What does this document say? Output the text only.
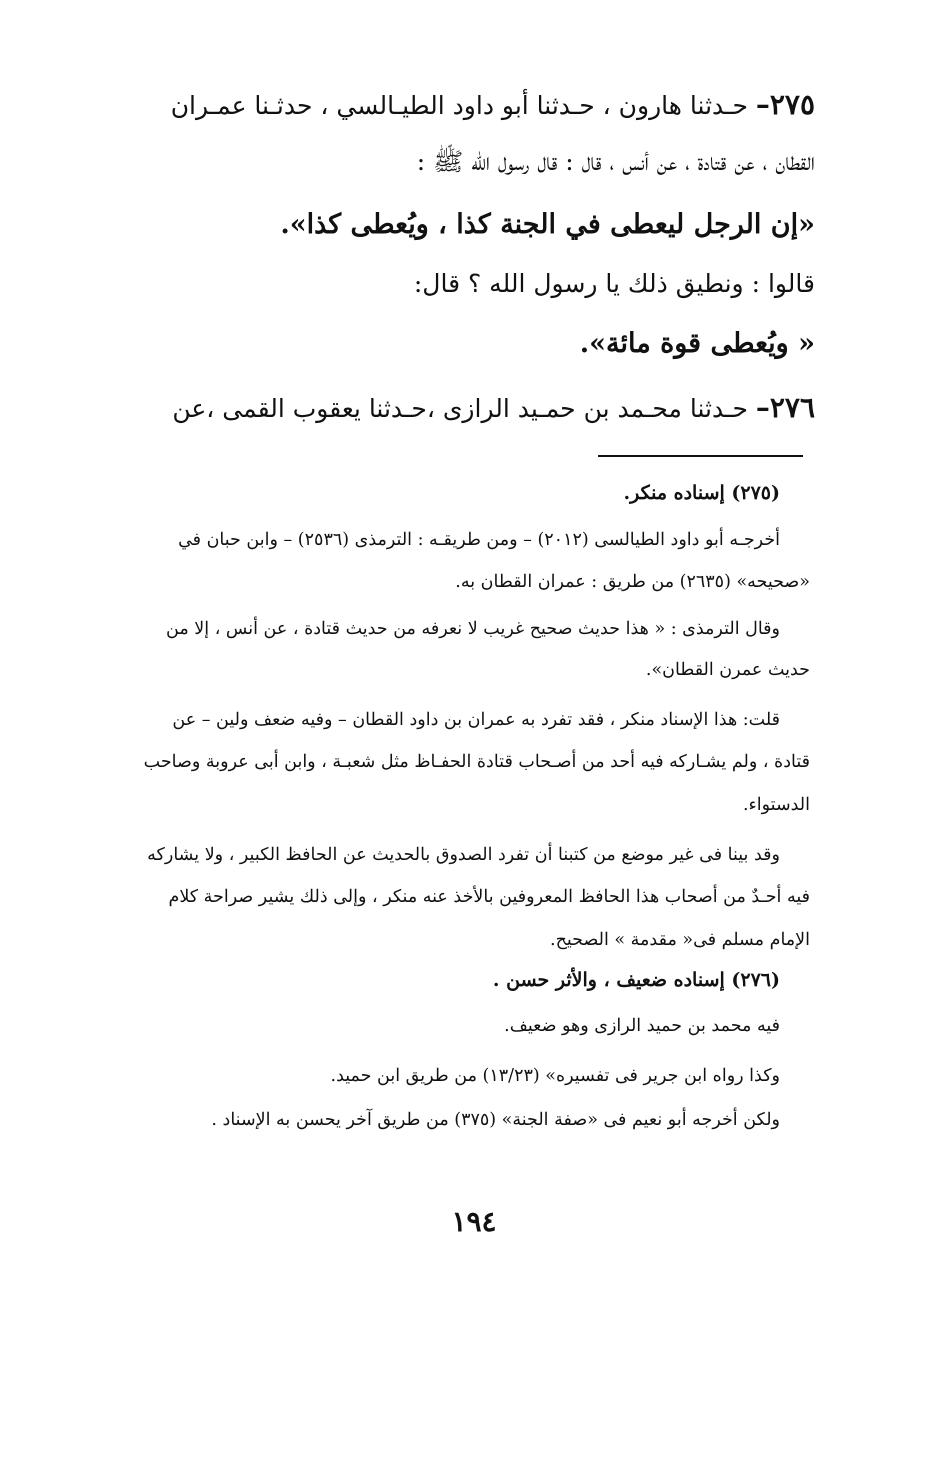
٢٧٥– حـدثنا هارون ، حـدثنا أبو داود الطيـالسي ، حدثـنا عمـران
القطان ، عن قتادة ، عن أنس ، قال : قال رسول الله ﷺ :
«إن الرجل ليعطى في الجنة كذا ، ويُعطى كذا».
قالوا : ونطيق ذلك يا رسول الله ؟ قال:
« ويُعطى قوة مائة».
٢٧٦– حـدثنا محـمد بن حمـيد الرازى ،حـدثنا يعقوب القمى ،عن
(٢٧٥) إسناده منكر.
أخرجـه أبو داود الطيالسى (٢٠١٢) – ومن طريقـه : الترمذى (٢٥٣٦) – وابن حبان في
«صحيحه» (٢٦٣٥) من طريق : عمران القطان به.
وقال الترمذى : « هذا حديث صحيح غريب لا نعرفه من حديث قتادة ، عن أنس ، إلا من
حديث عمرن القطان».
قلت: هذا الإسناد منكر ، فقد تفرد به عمران بن داود القطان – وفيه ضعف ولين – عن
قتادة ، ولم يشـاركه فيه أحد من أصـحاب قتادة الحفـاظ مثل شعبـة ، وابن أبى عروبة وصاحب
الدستواء.
وقد بينا فى غير موضع من كتبنا أن تفرد الصدوق بالحديث عن الحافظ الكبير ، ولا يشاركه
فيه أحـدٌ من أصحاب هذا الحافظ المعروفين بالأخذ عنه منكر ، وإلى ذلك يشير صراحة كلام
الإمام مسلم فى« مقدمة » الصحيح.
(٢٧٦) إسناده ضعيف ، والأثر حسن .
فيه محمد بن حميد الرازى وهو ضعيف.
وكذا رواه ابن جرير فى تفسيره» (١٣/٢٣) من طريق ابن حميد.
ولكن أخرجه أبو نعيم فى «صفة الجنة» (٣٧٥) من طريق آخر يحسن به الإسناد .
١٩٤
